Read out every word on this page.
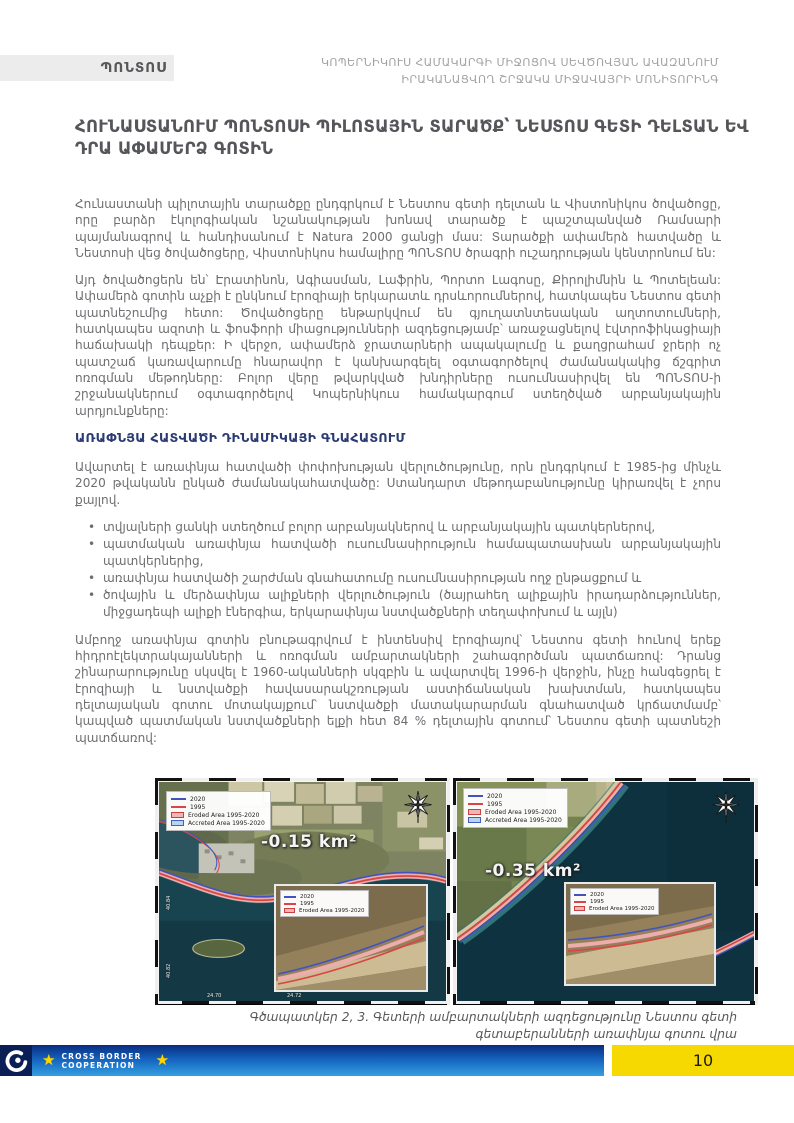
ՊՈՆՏՈՍ	ԿՈՊԵՐՆԻԿՈՒՍ ՀԱՄԱԿԱՐԳԻ ՄԻՋՈՑՈՎ ՍԵՎԾՈՎՅԱՆ ԱՎԱԶԱՆՈՒՄ
ԻՐԱԿԱՆԱՑՎՈՂ ՇՐՋԱԿԱ ՄԻՋԱՎԱՅՐԻ ՄՈՆԻՏՈՐԻՆԳ
ՀՈՒՆԱՍՏԱՆՈՒՄ ՊՈՆՏՈՍԻ ՊԻԼՈՏԱՅԻՆ ՏԱՐԱԾՔ՝ ՆԵՍՏՈՍ ԳԵՏԻ ԴԵԼՏԱՆ ԵՎ ԴՐԱ ԱՓԱՄԵՐՁ ԳՈՏԻՆ

Հունաստանի պիլոտային տարածքը ընդգրկում է Նեստոս գետի դելտան և Վիստոնիկոս ծովածոցը, որը բարձր էկոլոգիական նշանակության խոնավ տարածք է պաշտպանված Ռամսարի պայմանագրով և հանդիսանում է Natura 2000 ցանցի մաս: Տարածքի ափամերձ հատվածը և Նեստոսի վեց ծովածոցերը, Վիստոնիկոս համալիրը ՊՈՆՏՈՍ ծրագրի ուշադրության կենտրոնում են:

Այդ ծովածոցերն են՝ Էրատինոն, Ագիասման, Լաֆրին, Պորտո Լագոսը, Քիրոլիմնին և Պոտելեան: Ափամերձ գոտին աչքի է ընկնում էրոզիայի երկարատև դրսևորումներով, հատկապես Նեստոս գետի պատնեշումից հետո: Ծովածոցերը ենթարկվում են գյուղատնտեսական աղտոտումների, հատկապես ազոտի և ֆոսֆորի միացությունների ազդեցությամբ՝ առաջացնելով էվտրոֆիկացիայի հաճախակի դեպքեր: Ի վերջո, ափամերձ ջրատարների ապակալումը և քաղցրահամ ջրերի ոչ պատշաճ կառավարումը հնարավոր է կանխարգելել օգտագործելով ժամանակակից ճշգրիտ ոռոգման մեթոդները: Բոլոր վերը թվարկված խնդիրները ուսումնասիրվել են ՊՈՆՏՈՍ-ի շրջանակներում օգտագործելով Կոպերնիկուս համակարգում ստեղծված արբանյակային արդյունքները:

ԱՌԱՓՆՅԱ ՀԱՏՎԱԾԻ ԴԻՆԱՄԻԿԱՅԻ ԳՆԱՀԱՏՈՒՄ

Ավարտել է առափնյա հատվածի փոփոխության վերլուծությունը, որն ընդգրկում է 1985-ից մինչև 2020 թվականն ընկած ժամանակահատվածը: Ստանդարտ մեթոդաբանությունը կիրառվել է չորս քայլով.

•
տվյալների ցանկի ստեղծում բոլոր արբանյակներով և արբանյակային պատկերներով,
•
պատմական առափնյա հատվածի ուսումնասիրություն համապատասխան արբանյակային պատկերներից,
•
առափնյա հատվածի շարժման գնահատումը ուսումնասիրության ողջ ընթացքում և
•
ծովային և մերձափնյա ալիքների վերլուծություն (ծայրահեղ ալիքային իրադարձություններ, միջցադեպի ալիքի էներգիա, երկարափնյա նստվածքների տեղափոխում և այլն)

Ամբողջ առափնյա գոտին բնութագրվում է ինտենսիվ էրոզիայով՝ Նեստոս գետի հունով երեք հիդրոէլեկտրակայանների և ոռոգման ամբարտակների շահագործման պատճառով: Դրանց շինարարությունը սկսվել է 1960-ականների սկզբին և ավարտվել 1996-ի վերջին, ինչը հանգեցրել է էրոզիայի և նստվածքի հավասարակշռության աստիճանական խախտման, հատկապես դելտայական գոտու մոտակայքում՝ նստվածքի մատակարարման գնահատված կրճատմամբ՝ կապված պատմական նստվածքների ելքի հետ 84 % դելտային գոտում՝ Նեստոս գետի պատնեշի պատճառով:

2020
1995
Eroded Area 1995-2020
Accreted Area 1995-2020
-0.15 km²
40.84
40.82
24.70	24.72
2020
1995
Eroded Area 1995-2020
2020
1995
Eroded Area 1995-2020
Accreted Area 1995-2020
-0.35 km²
2020
1995
Eroded Area 1995-2020
Գծապատկեր 2, 3. Գետերի ամբարտակների ազդեցությունը Նեստոս գետի
գետաբերանների առափնյա գոտու վրա
★ CROSS BORDER
COOPERATION	★	10
